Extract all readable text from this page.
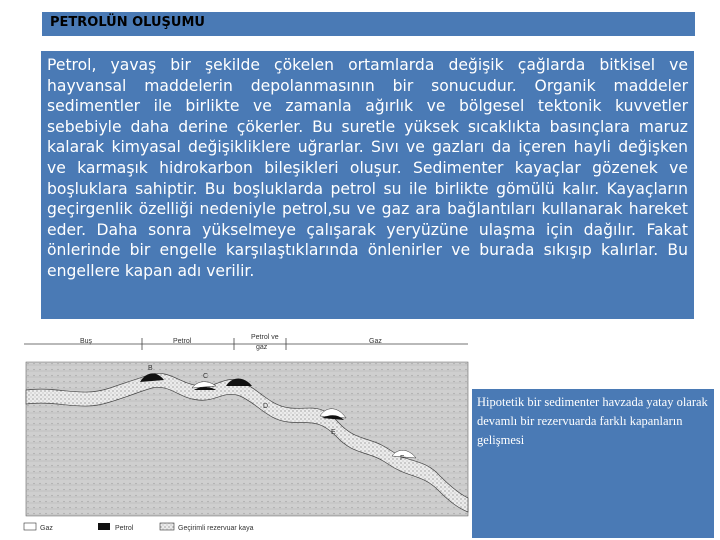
PETROLÜN OLUŞUMU
Petrol, yavaş bir şekilde çökelen ortamlarda değişik çağlarda bitkisel ve hayvansal maddelerin depolanmasının bir sonucudur. Organik maddeler sedimentler ile birlikte ve zamanla ağırlık ve bölgesel tektonik kuvvetler sebebiyle daha derine çökerler. Bu suretle yüksek sıcaklıkta basınçlara maruz kalarak kimyasal değişikliklere uğrarlar. Sıvı ve gazları da içeren hayli değişken ve karmaşık hidrokarbon bileşikleri oluşur. Sedimenter kayaçlar gözenek ve boşluklara sahiptir. Bu boşluklarda petrol su ile birlikte gömülü kalır. Kayaçların geçirgenlik özelliği nedeniyle petrol,su ve gaz ara bağlantıları kullanarak hareket eder. Daha sonra yükselmeye çalışarak yeryüzüne ulaşma için dağılır. Fakat önlerinde bir engelle karşılaştıklarında önlenirler ve burada sıkışıp kalırlar. Bu engellere kapan adı verilir.
Buş	Petrol
Petrol ve
gaz
Gaz
B
C
D
E
F
Gaz	Petrol	Geçirimli rezervuar kaya
Hipotetik bir sedimenter havzada yatay olarak devamlı bir rezervuarda farklı kapanların gelişmesi
